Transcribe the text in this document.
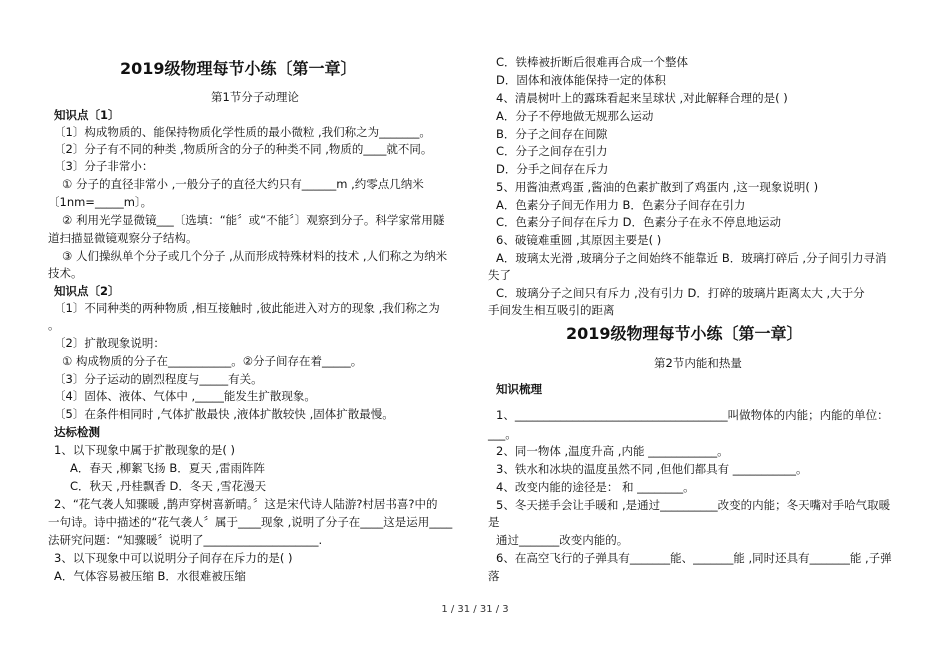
2019级物理每节小练〔第一章〕
第1节分子动理论
知识点〔1〕
〔1〕构成物质的、能保持物质化学性质的最小微粒 ,我们称之为_______。
〔2〕分子有不同的种类 ,物质所含的分子的种类不同 ,物质的____就不同。
〔3〕分子非常小：
① 分子的直径非常小 ,一般分子的直径大约只有______m ,约零点几纳米
〔1nm=_____m〕。
② 利用光学显微镜___〔选填：“能〞或“不能〞〕观察到分子。科学家常用隧
道扫描显微镜观察分子结构。
③ 人们操纵单个分子或几个分子 ,从而形成特殊材料的技术 ,人们称之为纳米
技术。
知识点〔2〕
〔1〕不同种类的两种物质 ,相互接触时 ,彼此能进入对方的现象 ,我们称之为
。
〔2〕扩散现象说明：
① 构成物质的分子在___________。②分子间存在着_____。
〔3〕分子运动的剧烈程度与_____有关。
〔4〕固体、液体、气体中 ,_____能发生扩散现象。
〔5〕在条件相同时 ,气体扩散最快 ,液体扩散较快 ,固体扩散最慢。
达标检测
1、以下现象中属于扩散现象的是( )
A．春天 ,柳絮飞扬 B．夏天 ,雷雨阵阵
C．秋天 ,丹桂飘香 D．冬天 ,雪花漫天
2、“花气袭人知骤暖 ,鹊声穿树喜新晴。〞这是宋代诗人陆游?村居书喜?中的
一句诗。诗中描述的“花气袭人〞属于____现象 ,说明了分子在____这是运用____
法研究问题：“知骤暖〞说明了____________________.
3、以下现象中可以说明分子间存在斥力的是( )
A．气体容易被压缩 B．水很难被压缩
C．铁棒被折断后很难再合成一个整体
D．固体和液体能保持一定的体积
4、清晨树叶上的露珠看起来呈球状 ,对此解释合理的是( )
A．分子不停地做无规那么运动
B．分子之间存在间隙
C．分子之间存在引力
D．分手之间存在斥力
5、用酱油煮鸡蛋 ,酱油的色素扩散到了鸡蛋内 ,这一现象说明( )
A．色素分子间无作用力 B．色素分子间存在引力
C．色素分子间存在斥力 D．色素分子在永不停息地运动
6、破镜难重圆 ,其原因主要是( )
A．玻璃太光滑 ,玻璃分子之间始终不能靠近 B．玻璃打碎后 ,分子间引力寻消
失了
C．玻璃分子之间只有斥力 ,没有引力 D．打碎的玻璃片距离太大 ,大于分
手间发生相互吸引的距离
2019级物理每节小练〔第一章〕
第2节内能和热量
知识梳理
1、_____________________________________叫做物体的内能；内能的单位：
___。
2、同一物体 ,温度升高 ,内能 ____________。
3、铁水和冰块的温度虽然不同 ,但他们都具有 ___________。
4、改变内能的途径是： 和 ________。
5、冬天搓手会让手暖和 ,是通过__________改变的内能；冬天嘴对手哈气取暖
是
通过_______改变内能的。
6、在高空飞行的子弹具有_______能、_______能 ,同时还具有_______能 ,子弹
落
1 / 31 / 31 / 3
